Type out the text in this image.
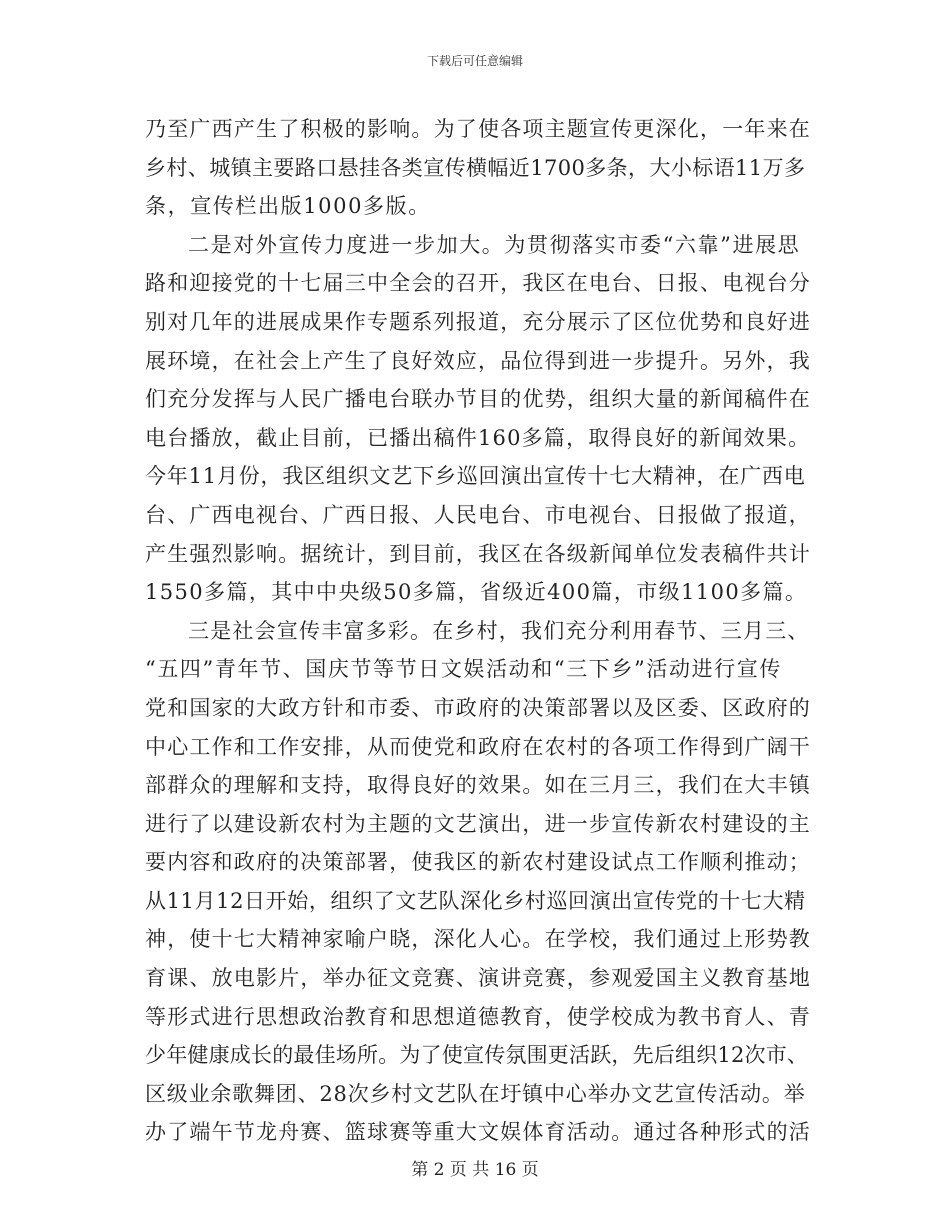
下载后可任意编辑
乃至广西产生了积极的影响。为了使各项主题宣传更深化，一年来在
乡村、城镇主要路口悬挂各类宣传横幅近1700多条，大小标语11万多
条，宣传栏出版1000多版。
二是对外宣传力度进一步加大。为贯彻落实市委“六靠”进展思
路和迎接党的十七届三中全会的召开，我区在电台、日报、电视台分
别对几年的进展成果作专题系列报道，充分展示了区位优势和良好进
展环境，在社会上产生了良好效应，品位得到进一步提升。另外，我
们充分发挥与人民广播电台联办节目的优势，组织大量的新闻稿件在
电台播放，截止目前，已播出稿件160多篇，取得良好的新闻效果。
今年11月份，我区组织文艺下乡巡回演出宣传十七大精神，在广西电
台、广西电视台、广西日报、人民电台、市电视台、日报做了报道，
产生强烈影响。据统计，到目前，我区在各级新闻单位发表稿件共计
1550多篇，其中中央级50多篇，省级近400篇，市级1100多篇。
三是社会宣传丰富多彩。在乡村，我们充分利用春节、三月三、
“五四”青年节、国庆节等节日文娱活动和“三下乡”活动进行宣传
党和国家的大政方针和市委、市政府的决策部署以及区委、区政府的
中心工作和工作安排，从而使党和政府在农村的各项工作得到广阔干
部群众的理解和支持，取得良好的效果。如在三月三，我们在大丰镇
进行了以建设新农村为主题的文艺演出，进一步宣传新农村建设的主
要内容和政府的决策部署，使我区的新农村建设试点工作顺利推动；
从11月12日开始，组织了文艺队深化乡村巡回演出宣传党的十七大精
神，使十七大精神家喻户晓，深化人心。在学校，我们通过上形势教
育课、放电影片，举办征文竞赛、演讲竞赛，参观爱国主义教育基地
等形式进行思想政治教育和思想道德教育，使学校成为教书育人、青
少年健康成长的最佳场所。为了使宣传氛围更活跃，先后组织12次市、
区级业余歌舞团、28次乡村文艺队在圩镇中心举办文艺宣传活动。举
办了端午节龙舟赛、篮球赛等重大文娱体育活动。通过各种形式的活
第 2 页 共 16 页
